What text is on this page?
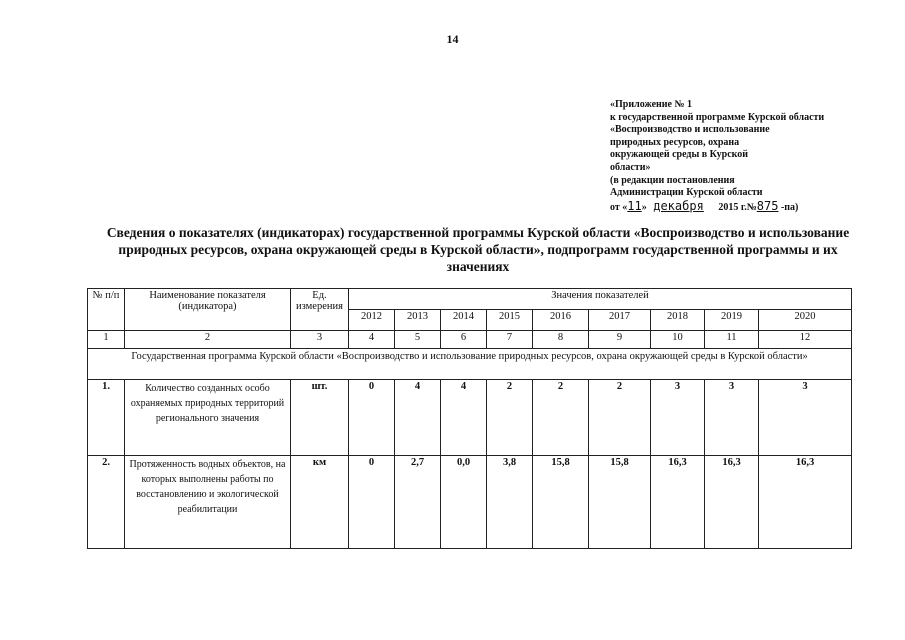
14
«Приложение № 1
к государственной программе Курской области
«Воспроизводство и использование
природных ресурсов, охрана
окружающей среды в Курской
области»
(в редакции постановления
Администрации Курской области
от «11» декабря 2015 г.№875 -па)
Сведения о показателях (индикаторах) государственной программы Курской области «Воспроизводство и использование природных ресурсов, охрана окружающей среды в Курской области», подпрограмм государственной программы и их значениях
№ п/п	Наименование показателя (индикатора)	Ед. измерения	Значения показателей								
			2012	2013	2014	2015	2016	2017	2018	2019	2020
1	2	3	4	5	6	7	8	9	10	11	12
Государственная программа Курской области «Воспроизводство и использование природных ресурсов, охрана окружающей среды в Курской области»											
1.	Количество созданных особо охраняемых природных территорий регионального значения	шт.	0	4	4	2	2	2	3	3	3
2.	Протяженность водных объектов, на которых выполнены работы по восстановлению и экологической реабилитации	км	0	2,7	0,0	3,8	15,8	15,8	16,3	16,3	16,3
